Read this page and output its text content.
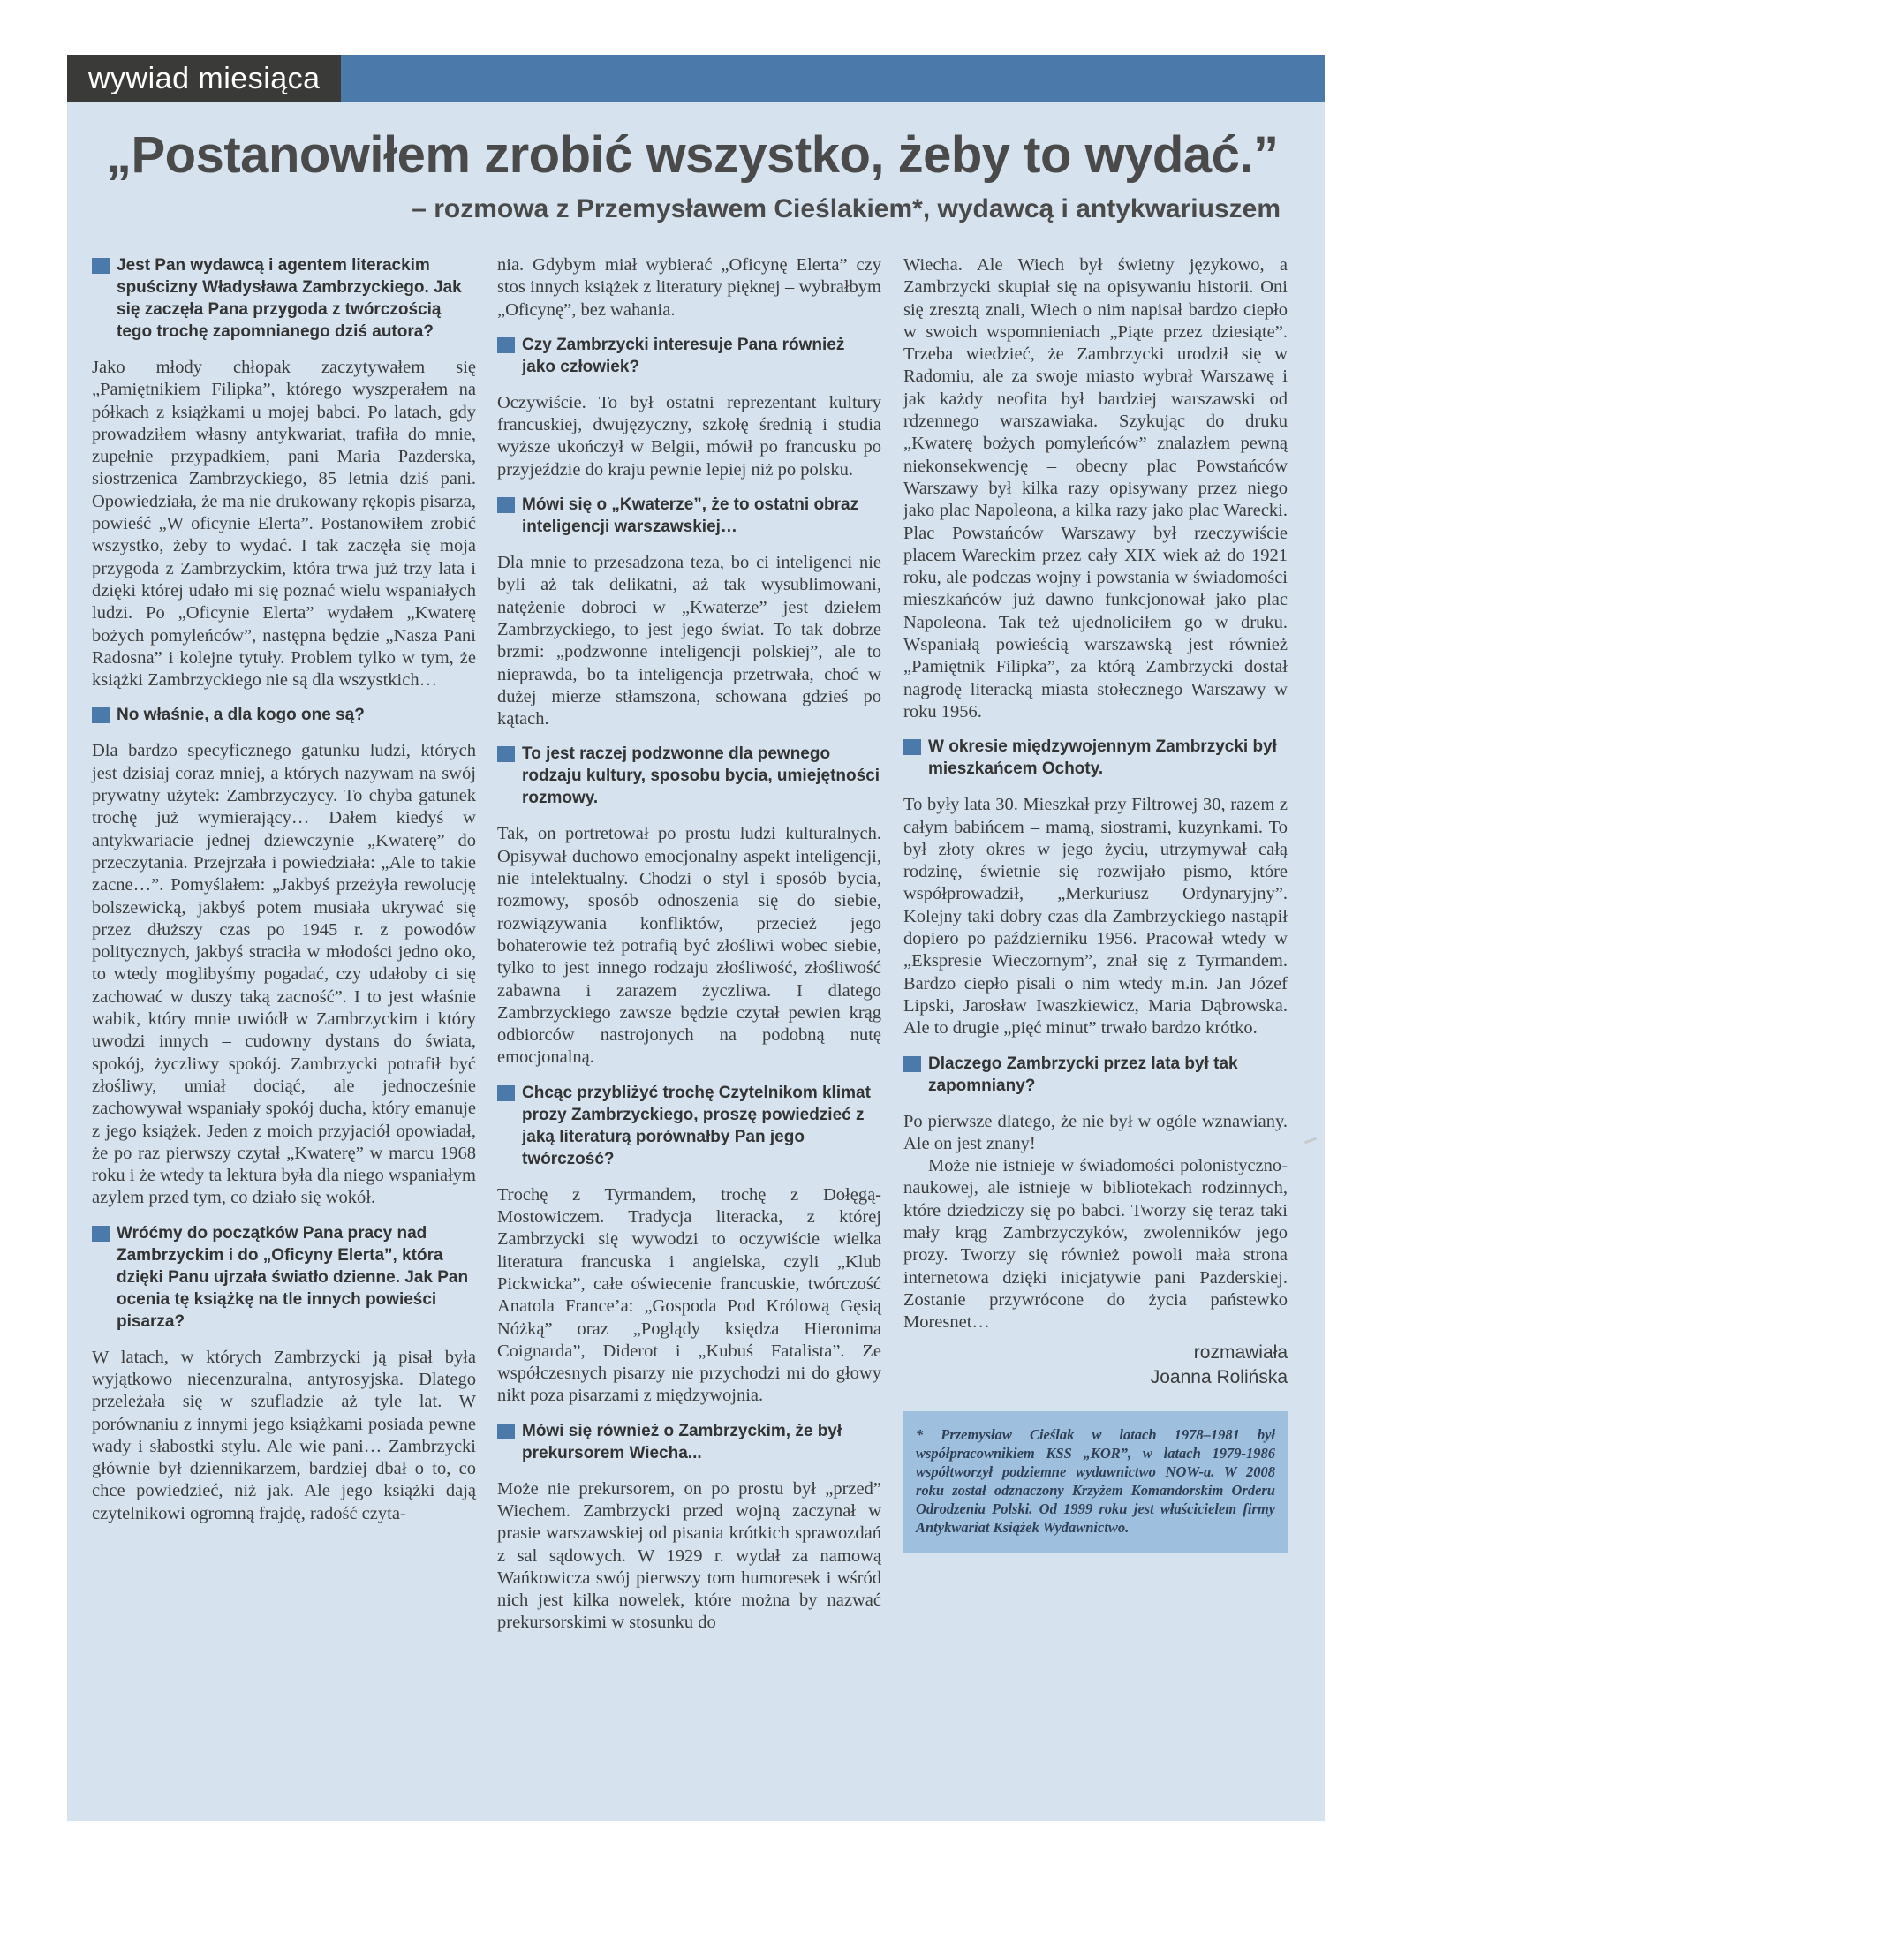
wywiad miesiąca
„Postanowiłem zrobić wszystko, żeby to wydać.”
– rozmowa z Przemysławem Cieślakiem*, wydawcą i antykwariuszem
Jest Pan wydawcą i agentem literackim spuścizny Władysława Zambrzyckiego. Jak się zaczęła Pana przygoda z twórczością tego trochę zapomnianego dziś autora?
Jako młody chłopak zaczytywałem się „Pamiętnikiem Filipka”, którego wyszperałem na półkach z książkami u mojej babci. Po latach, gdy prowadziłem własny antykwariat, trafiła do mnie, zupełnie przypadkiem, pani Maria Pazderska, siostrzenica Zambrzyckiego, 85 letnia dziś pani. Opowiedziała, że ma nie drukowany rękopis pisarza, powieść „W oficynie Elerta”. Postanowiłem zrobić wszystko, żeby to wydać. I tak zaczęła się moja przygoda z Zambrzyckim, która trwa już trzy lata i dzięki której udało mi się poznać wielu wspaniałych ludzi. Po „Oficynie Elerta” wydałem „Kwaterę bożych pomyleńców”, następna będzie „Nasza Pani Radosna” i kolejne tytuły. Problem tylko w tym, że książki Zambrzyckiego nie są dla wszystkich…
No właśnie, a dla kogo one są?
Dla bardzo specyficznego gatunku ludzi, których jest dzisiaj coraz mniej, a których nazywam na swój prywatny użytek: Zambrzyczycy. To chyba gatunek trochę już wymierający… Dałem kiedyś w antykwariacie jednej dziewczynie „Kwaterę” do przeczytania. Przejrzała i powiedziała: „Ale to takie zacne…”. Pomyślałem: „Jakbyś przeżyła rewolucję bolszewicką, jakbyś potem musiała ukrywać się przez dłuższy czas po 1945 r. z powodów politycznych, jakbyś straciła w młodości jedno oko, to wtedy moglibyśmy pogadać, czy udałoby ci się zachować w duszy taką zacność”. I to jest właśnie wabik, który mnie uwiódł w Zambrzyckim i który uwodzi innych – cudowny dystans do świata, spokój, życzliwy spokój. Zambrzycki potrafił być złośliwy, umiał dociąć, ale jednocześnie zachowywał wspaniały spokój ducha, który emanuje z jego książek. Jeden z moich przyjaciół opowiadał, że po raz pierwszy czytał „Kwaterę” w marcu 1968 roku i że wtedy ta lektura była dla niego wspaniałym azylem przed tym, co działo się wokół.
Wróćmy do początków Pana pracy nad Zambrzyckim i do „Oficyny Elerta”, która dzięki Panu ujrzała światło dzienne. Jak Pan ocenia tę książkę na tle innych powieści pisarza?
W latach, w których Zambrzycki ją pisał była wyjątkowo niecenzuralna, antyrosyjska. Dlatego przeleżała się w szufladzie aż tyle lat. W porównaniu z innymi jego książkami posiada pewne wady i słabostki stylu. Ale wie pani… Zambrzycki głównie był dziennikarzem, bardziej dbał o to, co chce powiedzieć, niż jak. Ale jego książki dają czytelnikowi ogromną frajdę, radość czyta-
nia. Gdybym miał wybierać „Oficynę Elerta” czy stos innych książek z literatury pięknej – wybrałbym „Oficynę”, bez wahania.
Czy Zambrzycki interesuje Pana również jako człowiek?
Oczywiście. To był ostatni reprezentant kultury francuskiej, dwujęzyczny, szkołę średnią i studia wyższe ukończył w Belgii, mówił po francusku po przyjeździe do kraju pewnie lepiej niż po polsku.
Mówi się o „Kwaterze”, że to ostatni obraz inteligencji warszawskiej…
Dla mnie to przesadzona teza, bo ci inteligenci nie byli aż tak delikatni, aż tak wysublimowani, natężenie dobroci w „Kwaterze” jest dziełem Zambrzyckiego, to jest jego świat. To tak dobrze brzmi: „podzwonne inteligencji polskiej”, ale to nieprawda, bo ta inteligencja przetrwała, choć w dużej mierze stłamszona, schowana gdzieś po kątach.
To jest raczej podzwonne dla pewnego rodzaju kultury, sposobu bycia, umiejętności rozmowy.
Tak, on portretował po prostu ludzi kulturalnych. Opisywał duchowo emocjonalny aspekt inteligencji, nie intelektualny. Chodzi o styl i sposób bycia, rozmowy, sposób odnoszenia się do siebie, rozwiązywania konfliktów, przecież jego bohaterowie też potrafią być złośliwi wobec siebie, tylko to jest innego rodzaju złośliwość, złośliwość zabawna i zarazem życzliwa. I dlatego Zambrzyckiego zawsze będzie czytał pewien krąg odbiorców nastrojonych na podobną nutę emocjonalną.
Chcąc przybliżyć trochę Czytelnikom klimat prozy Zambrzyckiego, proszę powiedzieć z jaką literaturą porównałby Pan jego twórczość?
Trochę z Tyrmandem, trochę z Dołęgą-Mostowiczem. Tradycja literacka, z której Zambrzycki się wywodzi to oczywiście wielka literatura francuska i angielska, czyli „Klub Pickwicka”, całe oświecenie francuskie, twórczość Anatola France’a: „Gospoda Pod Królową Gęsią Nóżką” oraz „Poglądy księdza Hieronima Coignarda”, Diderot i „Kubuś Fatalista”. Ze współczesnych pisarzy nie przychodzi mi do głowy nikt poza pisarzami z międzywojnia.
Mówi się również o Zambrzyckim, że był prekursorem Wiecha...
Może nie prekursorem, on po prostu był „przed” Wiechem. Zambrzycki przed wojną zaczynał w prasie warszawskiej od pisania krótkich sprawozdań z sal sądowych. W 1929 r. wydał za namową Wańkowicza swój pierwszy tom humoresek i wśród nich jest kilka nowelek, które można by nazwać prekursorskimi w stosunku do
Wiecha. Ale Wiech był świetny językowo, a Zambrzycki skupiał się na opisywaniu historii. Oni się zresztą znali, Wiech o nim napisał bardzo ciepło w swoich wspomnieniach „Piąte przez dziesiąte”. Trzeba wiedzieć, że Zambrzycki urodził się w Radomiu, ale za swoje miasto wybrał Warszawę i jak każdy neofita był bardziej warszawski od rdzennego warszawiaka. Szykując do druku „Kwaterę bożych pomyleńców” znalazłem pewną niekonsekwencję – obecny plac Powstańców Warszawy był kilka razy opisywany przez niego jako plac Napoleona, a kilka razy jako plac Warecki. Plac Powstańców Warszawy był rzeczywiście placem Wareckim przez cały XIX wiek aż do 1921 roku, ale podczas wojny i powstania w świadomości mieszkańców już dawno funkcjonował jako plac Napoleona. Tak też ujednoliciłem go w druku. Wspaniałą powieścią warszawską jest również „Pamiętnik Filipka”, za którą Zambrzycki dostał nagrodę literacką miasta stołecznego Warszawy w roku 1956.
W okresie międzywojennym Zambrzycki był mieszkańcem Ochoty.
To były lata 30. Mieszkał przy Filtrowej 30, razem z całym babińcem – mamą, siostrami, kuzynkami. To był złoty okres w jego życiu, utrzymywał całą rodzinę, świetnie się rozwijało pismo, które współprowadził, „Merkuriusz Ordynaryjny”. Kolejny taki dobry czas dla Zambrzyckiego nastąpił dopiero po październiku 1956. Pracował wtedy w „Ekspresie Wieczornym”, znał się z Tyrmandem. Bardzo ciepło pisali o nim wtedy m.in. Jan Józef Lipski, Jarosław Iwaszkiewicz, Maria Dąbrowska. Ale to drugie „pięć minut” trwało bardzo krótko.
Dlaczego Zambrzycki przez lata był tak zapomniany?
Po pierwsze dlatego, że nie był w ogóle wznawiany. Ale on jest znany!
Może nie istnieje w świadomości polonistyczno-naukowej, ale istnieje w bibliotekach rodzinnych, które dziedziczy się po babci. Tworzy się teraz taki mały krąg Zambrzyczyków, zwolenników jego prozy. Tworzy się również powoli mała strona internetowa dzięki inicjatywie pani Pazderskiej. Zostanie przywrócone do życia państewko Moresnet…
rozmawiała
Joanna Rolińska
* Przemysław Cieślak w latach 1978–1981 był współpracownikiem KSS „KOR”, w latach 1979-1986 współtworzył podziemne wydawnictwo NOW-a. W 2008 roku został odznaczony Krzyżem Komandorskim Orderu Odrodzenia Polski. Od 1999 roku jest właścicielem firmy Antykwariat Książek Wydawnictwo.
